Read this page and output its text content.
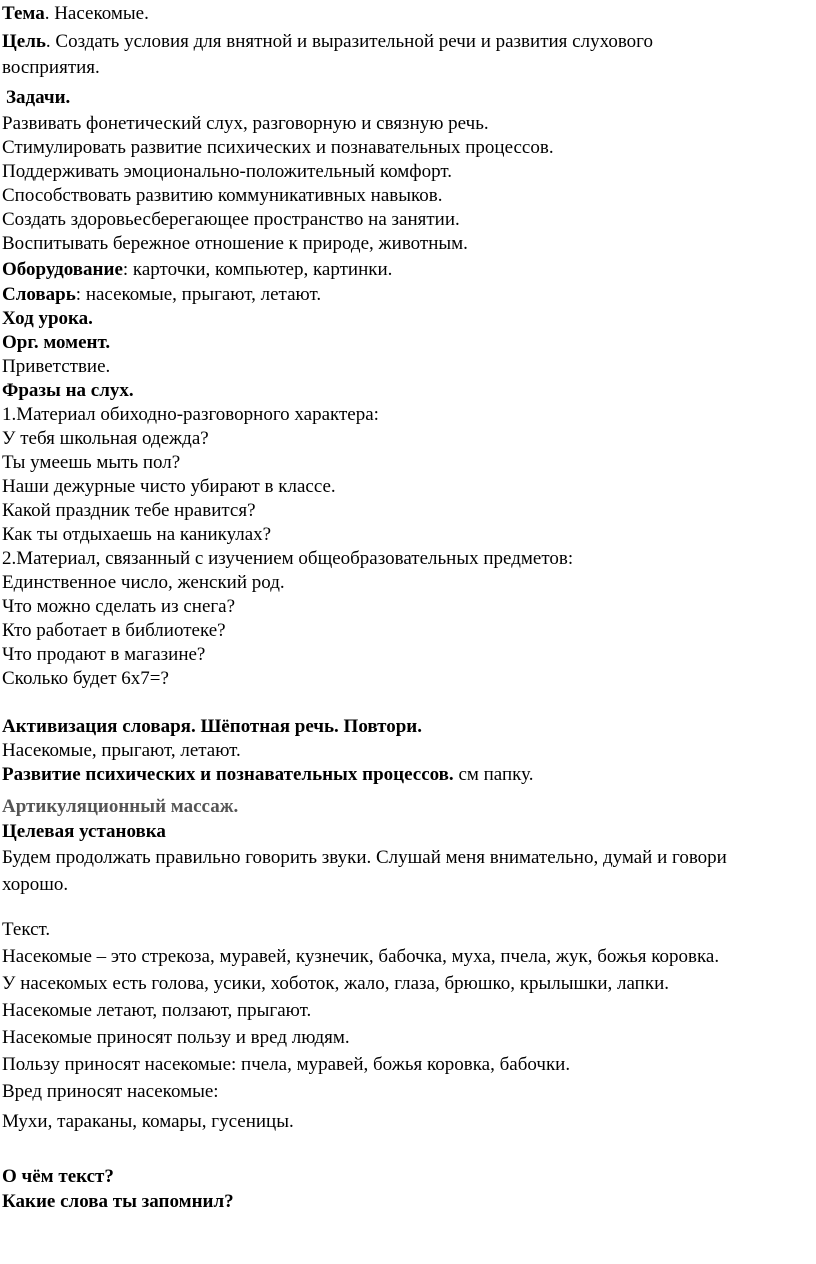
Тема. Насекомые.
Цель. Создать условия для внятной и выразительной речи и развития слухового
восприятия.
Задачи.
Развивать фонетический слух, разговорную и связную речь.
Стимулировать развитие психических и познавательных процессов.
Поддерживать эмоционально-положительный комфорт.
Способствовать развитию коммуникативных навыков.
Создать здоровьесберегающее пространство на занятии.
Воспитывать бережное отношение к природе, животным.
Оборудование: карточки, компьютер, картинки.
Словарь: насекомые, прыгают, летают.
Ход урока.
Орг. момент.
Приветствие.
Фразы на слух.
1.Материал обиходно-разговорного характера:
У тебя школьная одежда?
Ты умеешь мыть пол?
Наши дежурные чисто убирают в классе.
Какой праздник тебе нравится?
Как ты отдыхаешь на каникулах?
2.Материал, связанный с изучением общеобразовательных предметов:
Единственное число, женский род.
Что можно сделать из снега?
Кто работает в библиотеке?
Что продают в магазине?
Сколько будет 6х7=?
Активизация словаря. Шёпотная речь. Повтори.
Насекомые, прыгают, летают.
Развитие психических и познавательных процессов. см папку.
Артикуляционный массаж.
Целевая установка
Будем продолжать правильно говорить звуки. Слушай меня внимательно, думай и говори
хорошо.
Текст.
Насекомые – это стрекоза, муравей, кузнечик, бабочка, муха, пчела, жук, божья коровка.
У насекомых есть голова, усики, хоботок, жало, глаза, брюшко, крылышки, лапки.
Насекомые летают, ползают, прыгают.
Насекомые приносят пользу и вред людям.
Пользу приносят насекомые: пчела, муравей, божья коровка, бабочки.
Вред приносят насекомые:
Мухи, тараканы, комары, гусеницы.
О чём текст?
Какие слова ты запомнил?
